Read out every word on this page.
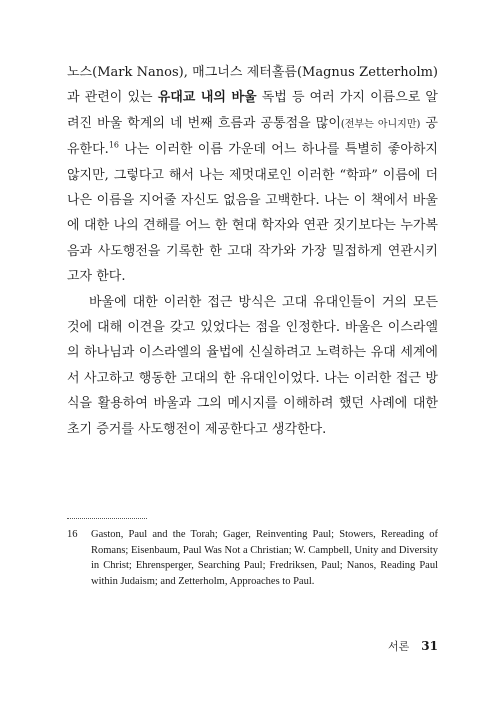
노스(Mark Nanos), 매그너스 제터홀름(Magnus Zetterholm)과 관련이 있는 유대교 내의 바울 독법 등 여러 가지 이름으로 알려진 바울 학계의 네 번째 흐름과 공통점을 많이(전부는 아니지만) 공유한다.$^{16}$ 나는 이러한 이름 가운데 어느 하나를 특별히 좋아하지 않지만, 그렇다고 해서 나는 제멋대로인 이러한 “학파” 이름에 더 나은 이름을 지어줄 자신도 없음을 고백한다. 나는 이 책에서 바울에 대한 나의 견해를 어느 한 현대 학자와 연관 짓기보다는 누가복음과 사도행전을 기록한 한 고대 작가와 가장 밀접하게 연관시키고자 한다.

바울에 대한 이러한 접근 방식은 고대 유대인들이 거의 모든 것에 대해 이견을 갖고 있었다는 점을 인정한다. 바울은 이스라엘의 하나님과 이스라엘의 율법에 신실하려고 노력하는 유대 세계에서 사고하고 행동한 고대의 한 유대인이었다. 나는 이러한 접근 방식을 활용하여 바울과 그의 메시지를 이해하려 했던 사례에 대한 초기 증거를 사도행전이 제공한다고 생각한다.

16 Gaston, Paul and the Torah; Gager, Reinventing Paul; Stowers, Rereading of Romans; Eisenbaum, Paul Was Not a Christian; W. Campbell, Unity and Diversity in Christ; Ehrensperger, Searching Paul; Fredriksen, Paul; Nanos, Reading Paul within Judaism; and Zetterholm, Approaches to Paul.
서론 31
